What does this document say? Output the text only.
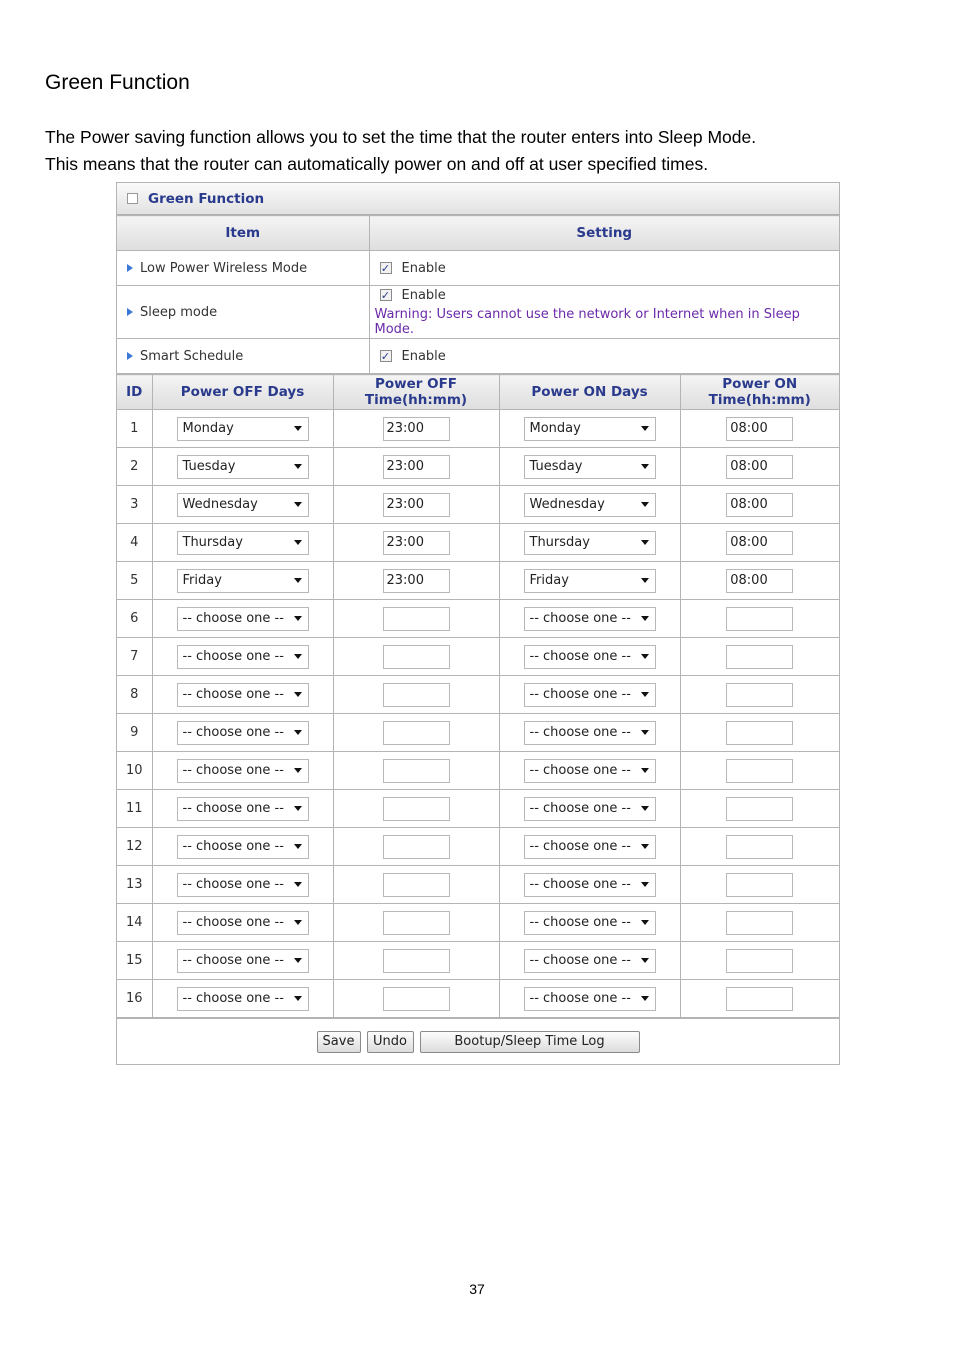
Green Function

The Power saving function allows you to set the time that the router enters into Sleep Mode.

This means that the router can automatically power on and off at user specified times.

Green Function
Item	Setting
Low Power Wireless Mode	✓ Enable

Sleep mode	✓ Enable
Warning: Users cannot use the network or Internet when in Sleep Mode.

Smart Schedule	✓ Enable
ID	Power OFF Days	Power OFF Time(hh:mm)	Power ON Days	Power ON Time(hh:mm)
1	Monday	23:00	Monday	08:00
2	Tuesday	23:00	Tuesday	08:00
3	Wednesday	23:00	Wednesday	08:00
4	Thursday	23:00	Thursday	08:00
5	Friday	23:00	Friday	08:00
6	-- choose one --		-- choose one --	

7	-- choose one --		-- choose one --	

8	-- choose one --		-- choose one --	

9	-- choose one --		-- choose one --	

10	-- choose one --		-- choose one --	

11	-- choose one --		-- choose one --	

12	-- choose one --		-- choose one --	

13	-- choose one --		-- choose one --	

14	-- choose one --		-- choose one --	

15	-- choose one --		-- choose one --	

16	-- choose one --		-- choose one --	

Save	Undo	Bootup/Sleep Time Log
37
